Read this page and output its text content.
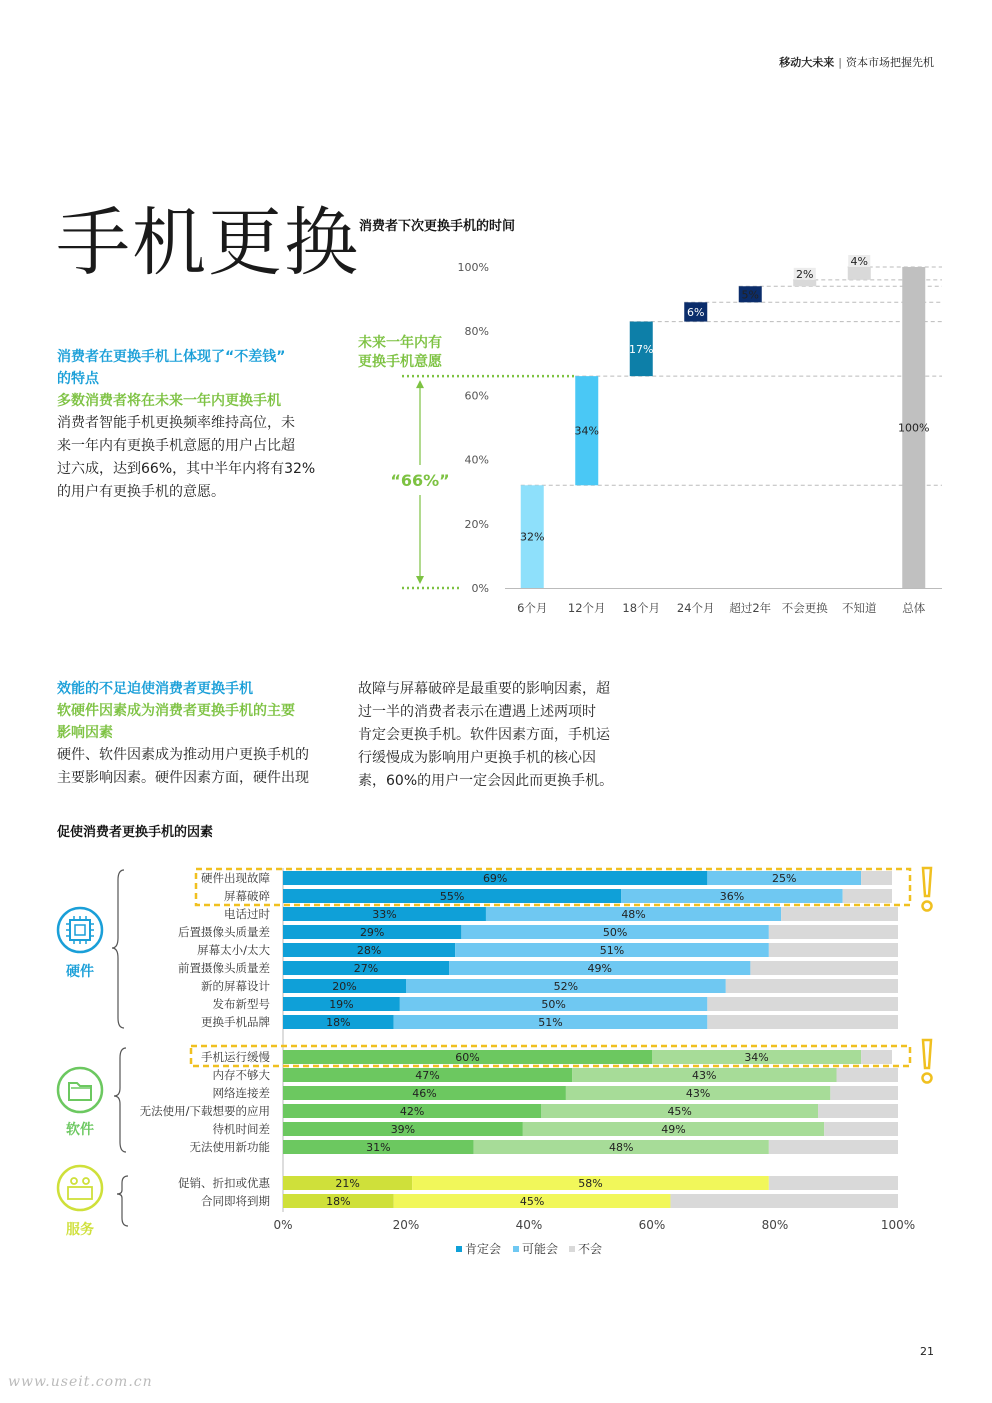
移动大未来 | 资本市场把握先机
手机更换
消费者在更换手机上体现了“不差钱”
的特点
多数消费者将在未来一年内更换手机
消费者智能手机更换频率维持高位，未
来一年内有更换手机意愿的用户占比超
过六成，达到66%，其中半年内将有32%
的用户有更换手机的意愿。
消费者下次更换手机的时间
0%
20%
40%
60%
80%
100%
32%
34%
17%
6%
5%
2%
4%
100%
6个月 12个月 18个月 24个月 超过2年 不会更换 不知道 总体
未来一年内有
更换手机意愿
“66%”
效能的不足迫使消费者更换手机
软硬件因素成为消费者更换手机的主要
影响因素
硬件、软件因素成为推动用户更换手机的
主要影响因素。硬件因素方面，硬件出现
故障与屏幕破碎是最重要的影响因素，超
过一半的消费者表示在遭遇上述两项时
肯定会更换手机。软件因素方面，手机运
行缓慢成为影响用户更换手机的核心因
素，60%的用户一定会因此而更换手机。
促使消费者更换手机的因素
硬件
软件
服务
硬件出现故障	69%	25%
屏幕破碎	55%	36%
电话过时	33%	48%
后置摄像头质量差	29%	50%
屏幕太小/太大	28%	51%
前置摄像头质量差	27%	49%
新的屏幕设计	20%	52%
发布新型号	19%	50%
更换手机品牌	18%	51%
手机运行缓慢	60%	34%
内存不够大	47%	43%
网络连接差	46%	43%
无法使用/下载想要的应用	42%	45%
待机时间差	39%	49%
无法使用新功能	31%	48%
促销、折扣或优惠	21%	58%
合同即将到期	18%	45%
0%	20%	40%	60%	80%	100%
肯定会 可能会 不会
21
www.useit.com.cn
